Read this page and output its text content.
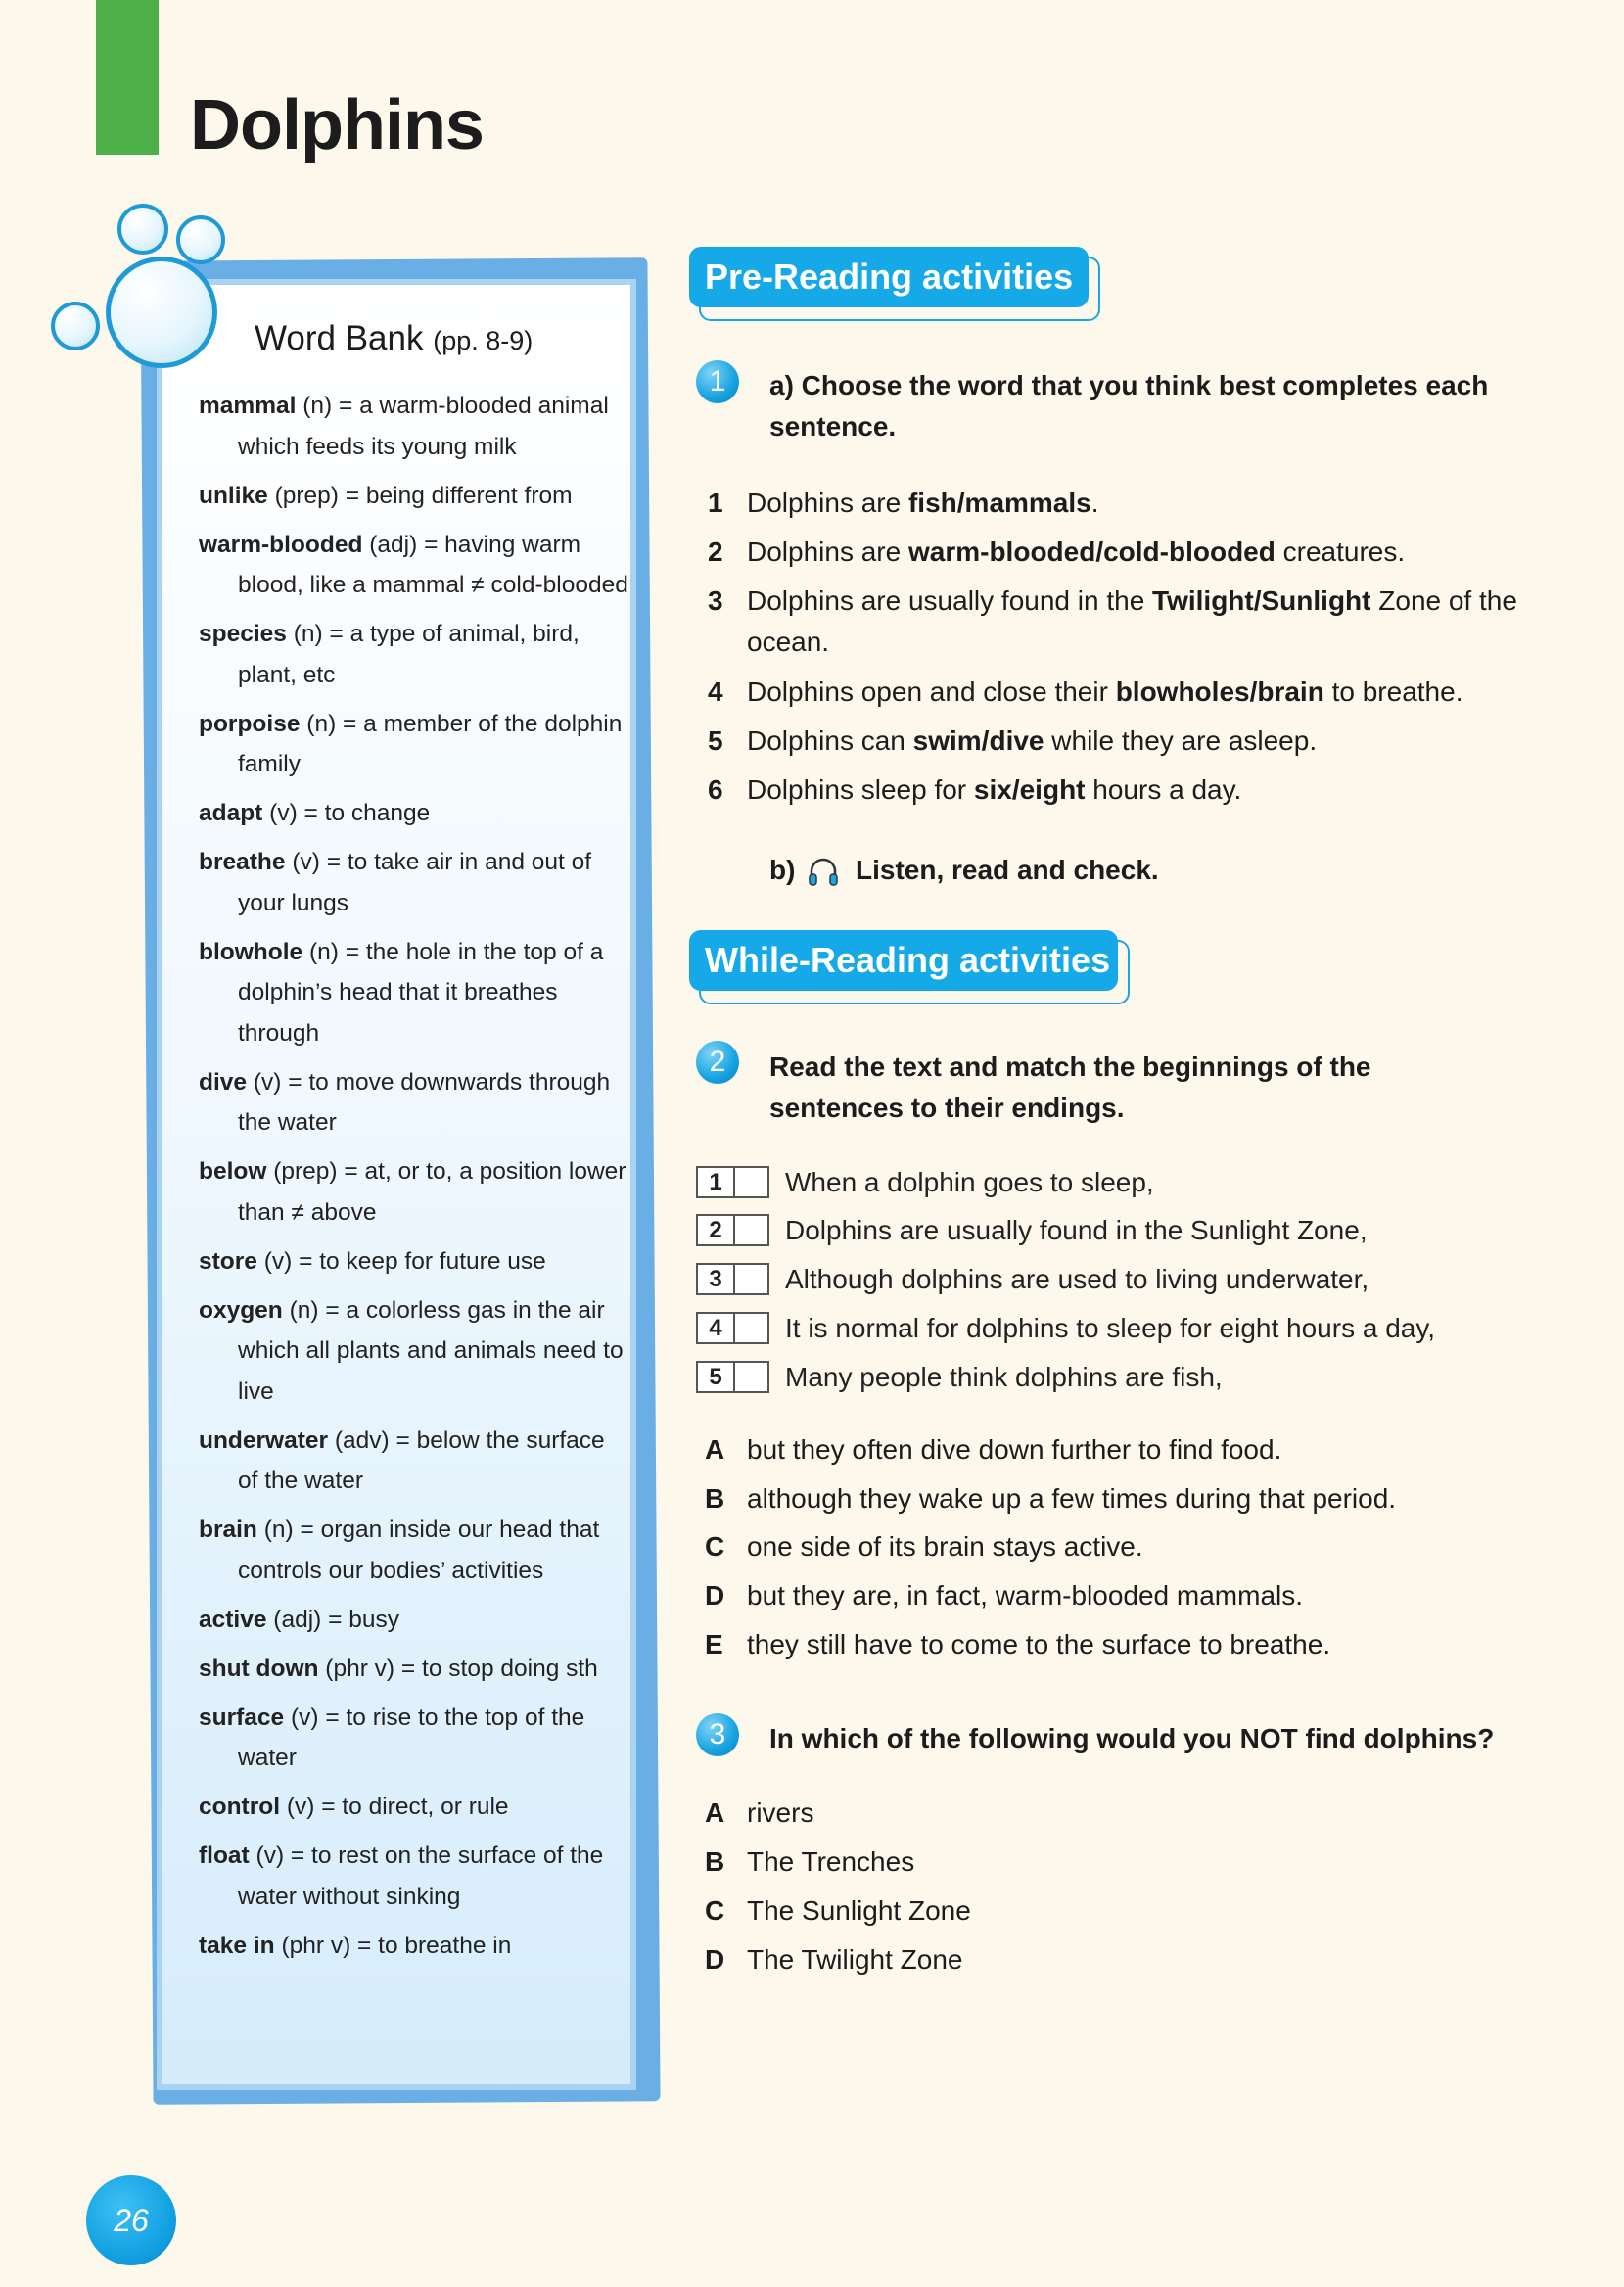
Dolphins
Word Bank (pp. 8-9)
mammal (n) = a warm-blooded animal which feeds its young milk
unlike (prep) = being different from
warm-blooded (adj) = having warm blood, like a mammal ≠ cold-blooded
species (n) = a type of animal, bird, plant, etc
porpoise (n) = a member of the dolphin family
adapt (v) = to change
breathe (v) = to take air in and out of your lungs
blowhole (n) = the hole in the top of a dolphin’s head that it breathes through
dive (v) = to move downwards through the water
below (prep) = at, or to, a position lower than ≠ above
store (v) = to keep for future use
oxygen (n) = a colorless gas in the air which all plants and animals need to live
underwater (adv) = below the surface of the water
brain (n) = organ inside our head that controls our bodies’ activities
active (adj) = busy
shut down (phr v) = to stop doing sth
surface (v) = to rise to the top of the water
control (v) = to direct, or rule
float (v) = to rest on the surface of the water without sinking
take in (phr v) = to breathe in
Pre-Reading activities
1	a) Choose the word that you think best completes each sentence.
1 Dolphins are fish/mammals.
2 Dolphins are warm-blooded/cold-blooded creatures.
3 Dolphins are usually found in the Twilight/Sunlight Zone of the ocean.
4 Dolphins open and close their blowholes/brain to breathe.
5 Dolphins can swim/dive while they are asleep.
6 Dolphins sleep for six/eight hours a day.
b) Listen, read and check.
While-Reading activities
2	Read the text and match the beginnings of the sentences to their endings.
1	When a dolphin goes to sleep,
2	Dolphins are usually found in the Sunlight Zone,
3	Although dolphins are used to living underwater,
4	It is normal for dolphins to sleep for eight hours a day,
5	Many people think dolphins are fish,
A but they often dive down further to find food.
B although they wake up a few times during that period.
C one side of its brain stays active.
D but they are, in fact, warm-blooded mammals.
E they still have to come to the surface to breathe.
3	In which of the following would you NOT find dolphins?
A rivers
B The Trenches
C The Sunlight Zone
D The Twilight Zone
26
